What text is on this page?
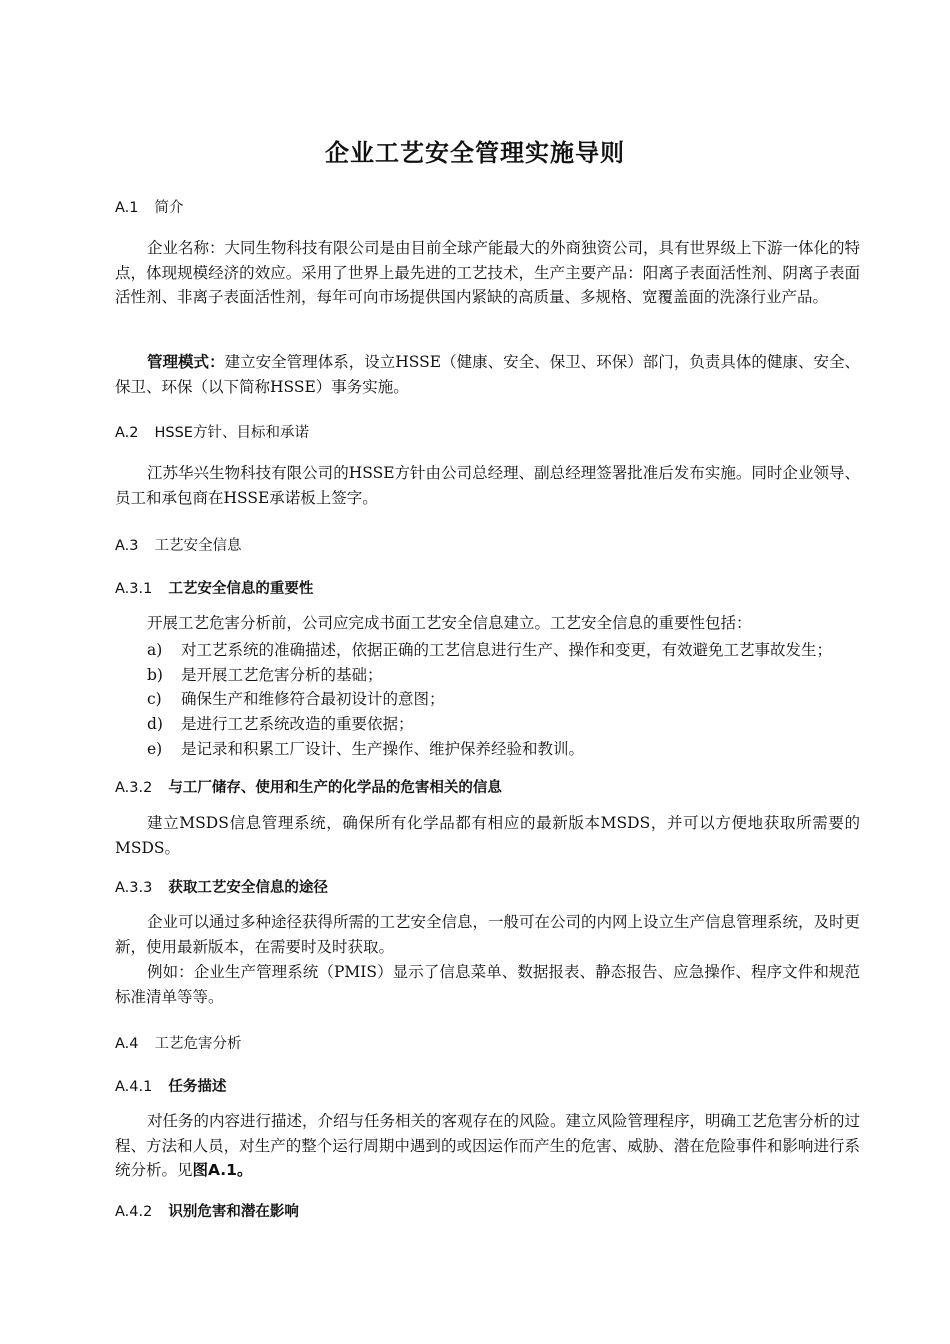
企业工艺安全管理实施导则
A.1 简介
企业名称：大同生物科技有限公司是由目前全球产能最大的外商独资公司，具有世界级上下游一体化的特点，体现规模经济的效应。采用了世界上最先进的工艺技术，生产主要产品：阳离子表面活性剂、阴离子表面活性剂、非离子表面活性剂，每年可向市场提供国内紧缺的高质量、多规格、宽覆盖面的洗涤行业产品。
管理模式：建立安全管理体系，设立HSSE（健康、安全、保卫、环保）部门，负责具体的健康、安全、保卫、环保（以下简称HSSE）事务实施。
A.2 HSSE方针、目标和承诺
江苏华兴生物科技有限公司的HSSE方针由公司总经理、副总经理签署批准后发布实施。同时企业领导、员工和承包商在HSSE承诺板上签字。
A.3 工艺安全信息
A.3.1 工艺安全信息的重要性
开展工艺危害分析前，公司应完成书面工艺安全信息建立。工艺安全信息的重要性包括：
a) 对工艺系统的准确描述，依据正确的工艺信息进行生产、操作和变更，有效避免工艺事故发生；
b) 是开展工艺危害分析的基础；
c) 确保生产和维修符合最初设计的意图；
d) 是进行工艺系统改造的重要依据；
e) 是记录和积累工厂设计、生产操作、维护保养经验和教训。
A.3.2 与工厂储存、使用和生产的化学品的危害相关的信息
建立MSDS信息管理系统，确保所有化学品都有相应的最新版本MSDS，并可以方便地获取所需要的MSDS。
A.3.3 获取工艺安全信息的途径
企业可以通过多种途径获得所需的工艺安全信息，一般可在公司的内网上设立生产信息管理系统，及时更新，使用最新版本，在需要时及时获取。
例如：企业生产管理系统（PMIS）显示了信息菜单、数据报表、静态报告、应急操作、程序文件和规范标准清单等等。
A.4 工艺危害分析
A.4.1 任务描述
对任务的内容进行描述，介绍与任务相关的客观存在的风险。建立风险管理程序，明确工艺危害分析的过程、方法和人员，对生产的整个运行周期中遇到的或因运作而产生的危害、威胁、潜在危险事件和影响进行系统分析。见图A.1。
A.4.2 识别危害和潜在影响
